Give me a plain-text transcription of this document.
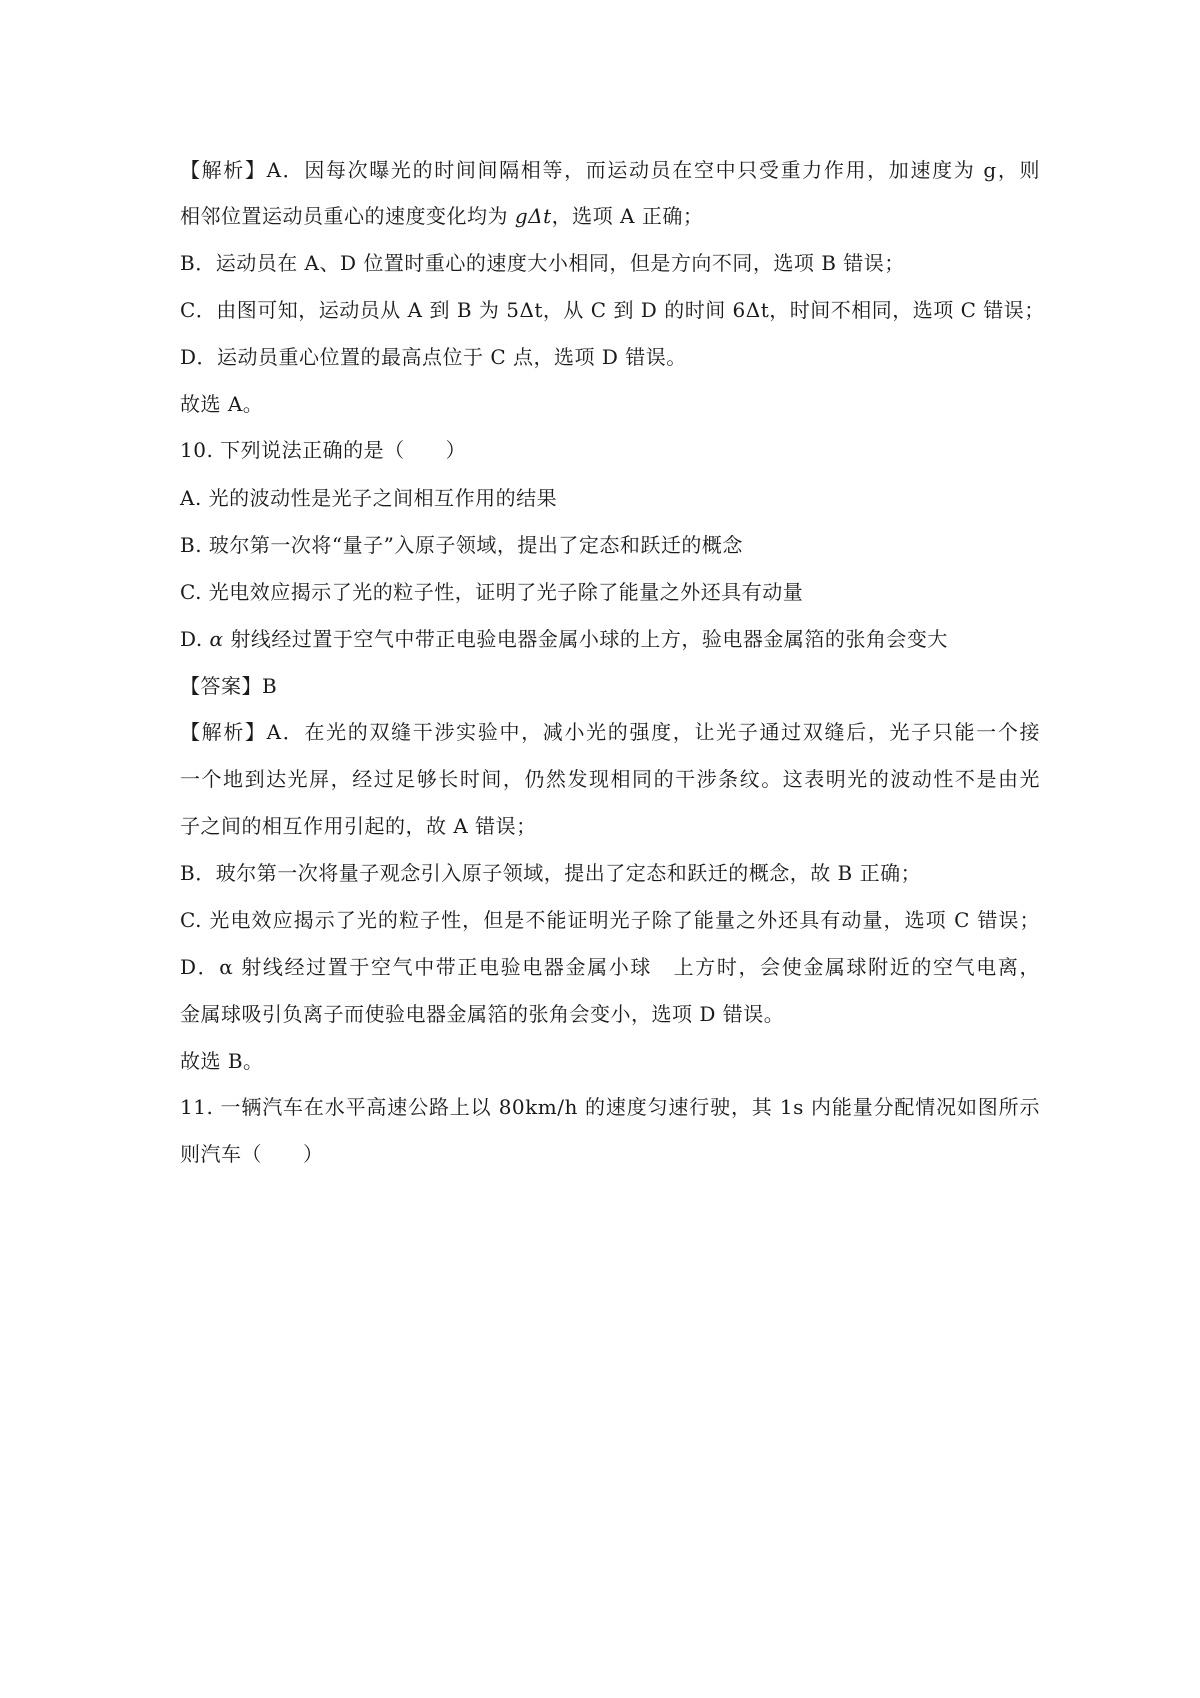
【解析】A．因每次曝光的时间间隔相等，而运动员在空中只受重力作用，加速度为 g，则
相邻位置运动员重心的速度变化均为 gΔt，选项 A 正确；
B．运动员在 A、D 位置时重心的速度大小相同，但是方向不同，选项 B 错误；
C．由图可知，运动员从 A 到 B 为 5Δt，从 C 到 D 的时间 6Δt，时间不相同，选项 C 错误；
D．运动员重心位置的最高点位于 C 点，选项 D 错误。
故选 A。
10. 下列说法正确的是（　　）
A. 光的波动性是光子之间相互作用的结果
B. 玻尔第一次将“量子”入原子领域，提出了定态和跃迁的概念
C. 光电效应揭示了光的粒子性，证明了光子除了能量之外还具有动量
D. α 射线经过置于空气中带正电验电器金属小球的上方，验电器金属箔的张角会变大
【答案】B
【解析】A．在光的双缝干涉实验中，减小光的强度，让光子通过双缝后，光子只能一个接
一个地到达光屏，经过足够长时间，仍然发现相同的干涉条纹。这表明光的波动性不是由光
子之间的相互作用引起的，故 A 错误；
B．玻尔第一次将量子观念引入原子领域，提出了定态和跃迁的概念，故 B 正确；
C. 光电效应揭示了光的粒子性，但是不能证明光子除了能量之外还具有动量，选项 C 错误；
D．α 射线经过置于空气中带正电验电器金属小球　上方时，会使金属球附近的空气电离，
金属球吸引负离子而使验电器金属箔的张角会变小，选项 D 错误。
故选 B。
11. 一辆汽车在水平高速公路上以 80km/h 的速度匀速行驶，其 1s 内能量分配情况如图所示
则汽车（　　）
